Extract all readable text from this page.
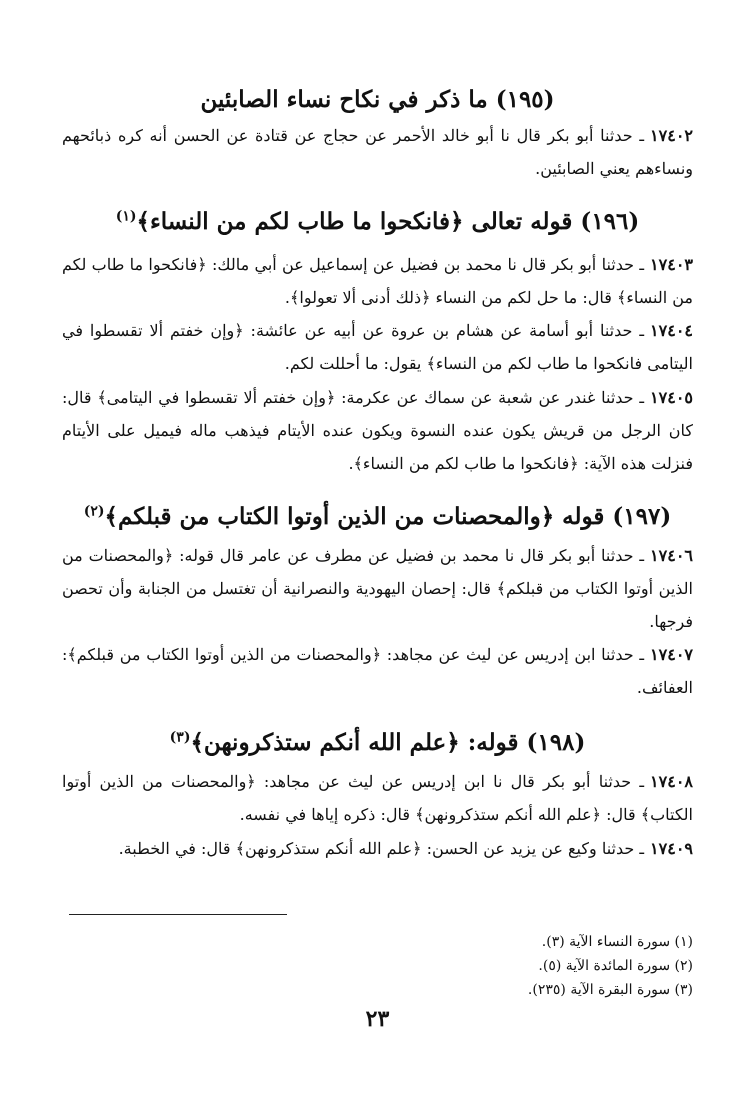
(١٩٥) ما ذكر في نكاح نساء الصابئين
١٧٤٠٢ـ حدثنا أبو بكر قال نا أبو خالد الأحمر عن حجاج عن قتادة عن الحسن أنه كره ذبائحهم ونساءهم يعني الصابئين.
(١٩٦) قوله تعالى ﴿فانكحوا ما طاب لكم من النساء﴾$^{(١)}$
١٧٤٠٣ـ حدثنا أبو بكر قال نا محمد بن فضيل عن إسماعيل عن أبي مالك: ﴿فانكحوا ما طاب لكم من النساء﴾ قال: ما حل لكم من النساء ﴿ذلك أدنى ألا تعولوا﴾.
١٧٤٠٤ـ حدثنا أبو أسامة عن هشام بن عروة عن أبيه عن عائشة: ﴿وإن خفتم ألا تقسطوا في اليتامى فانكحوا ما طاب لكم من النساء﴾ يقول: ما أحللت لكم.
١٧٤٠٥ـ حدثنا غندر عن شعبة عن سماك عن عكرمة: ﴿وإن خفتم ألا تقسطوا في اليتامى﴾ قال: كان الرجل من قريش يكون عنده النسوة ويكون عنده الأيتام فيذهب ماله فيميل على الأيتام فنزلت هذه الآية: ﴿فانكحوا ما طاب لكم من النساء﴾.
(١٩٧) قوله ﴿والمحصنات من الذين أوتوا الكتاب من قبلكم﴾$^{(٢)}$
١٧٤٠٦ـ حدثنا أبو بكر قال نا محمد بن فضيل عن مطرف عن عامر قال قوله: ﴿والمحصنات من الذين أوتوا الكتاب من قبلكم﴾ قال: إحصان اليهودية والنصرانية أن تغتسل من الجنابة وأن تحصن فرجها.
١٧٤٠٧ـ حدثنا ابن إدريس عن ليث عن مجاهد: ﴿والمحصنات من الذين أوتوا الكتاب من قبلكم﴾: العفائف.
(١٩٨) قوله: ﴿علم الله أنكم ستذكرونهن﴾$^{(٣)}$
١٧٤٠٨ـ حدثنا أبو بكر قال نا ابن إدريس عن ليث عن مجاهد: ﴿والمحصنات من الذين أوتوا الكتاب﴾ قال: ﴿علم الله أنكم ستذكرونهن﴾ قال: ذكره إياها في نفسه.
١٧٤٠٩ـ حدثنا وكيع عن يزيد عن الحسن: ﴿علم الله أنكم ستذكرونهن﴾ قال: في الخطبة.
(١) سورة النساء الآية (٣).
(٢) سورة المائدة الآية (٥).
(٣) سورة البقرة الآية (٢٣٥).
٢٣
